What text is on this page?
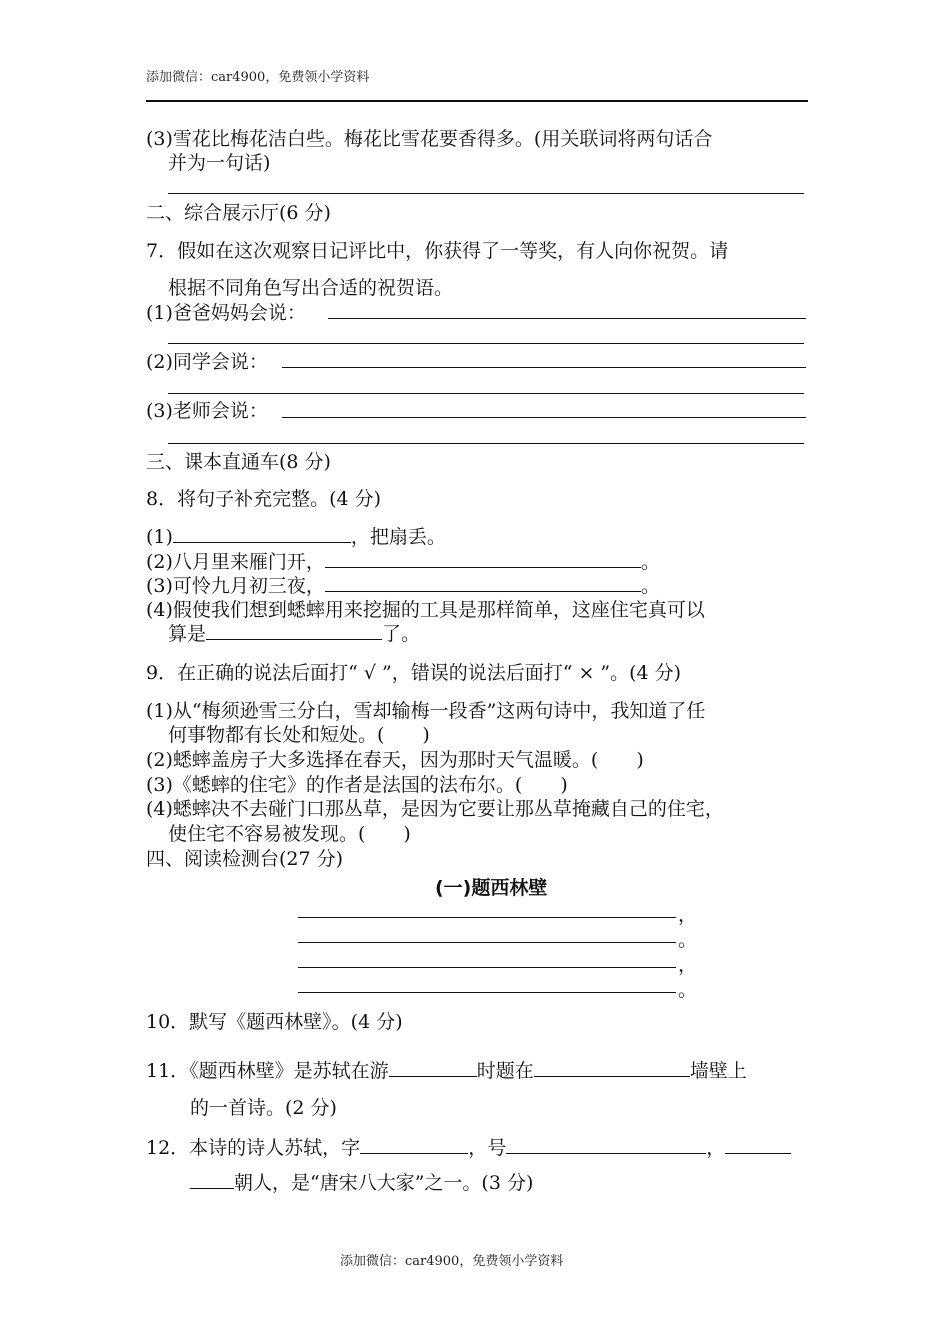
添加微信：car4900，免费领小学资料
(3)雪花比梅花洁白些。梅花比雪花要香得多。(用关联词将两句话合
并为一句话)
二、综合展示厅(6 分)
7．假如在这次观察日记评比中，你获得了一等奖，有人向你祝贺。请
根据不同角色写出合适的祝贺语。
(1)爸爸妈妈会说：
(2)同学会说：
(3)老师会说：
三、课本直通车(8 分)
8．将句子补充完整。(4 分)
(1)	，把扇丢。
(2)八月里来雁门开，	。
(3)可怜九月初三夜，	。
(4)假使我们想到蟋蟀用来挖掘的工具是那样简单，这座住宅真可以
算是	了。
9．在正确的说法后面打“ √ ”，错误的说法后面打“ × ”。(4 分)
(1)从“梅须逊雪三分白，雪却输梅一段香”这两句诗中，我知道了任
何事物都有长处和短处。(　　)
(2)蟋蟀盖房子大多选择在春天，因为那时天气温暖。(　　)
(3)《蟋蟀的住宅》的作者是法国的法布尔。(　　)
(4)蟋蟀决不去碰门口那丛草，是因为它要让那丛草掩藏自己的住宅，
使住宅不容易被发现。(　　)
四、阅读检测台(27 分)
(一)题西林壁
，
。
，
。
10．默写《题西林壁》。(4 分)
11．《题西林壁》是苏轼在游	时题在	墙壁上
的一首诗。(2 分)
12．本诗的诗人苏轼，字	，号	，
朝人，是“唐宋八大家”之一。(3 分)
添加微信：car4900，免费领小学资料
